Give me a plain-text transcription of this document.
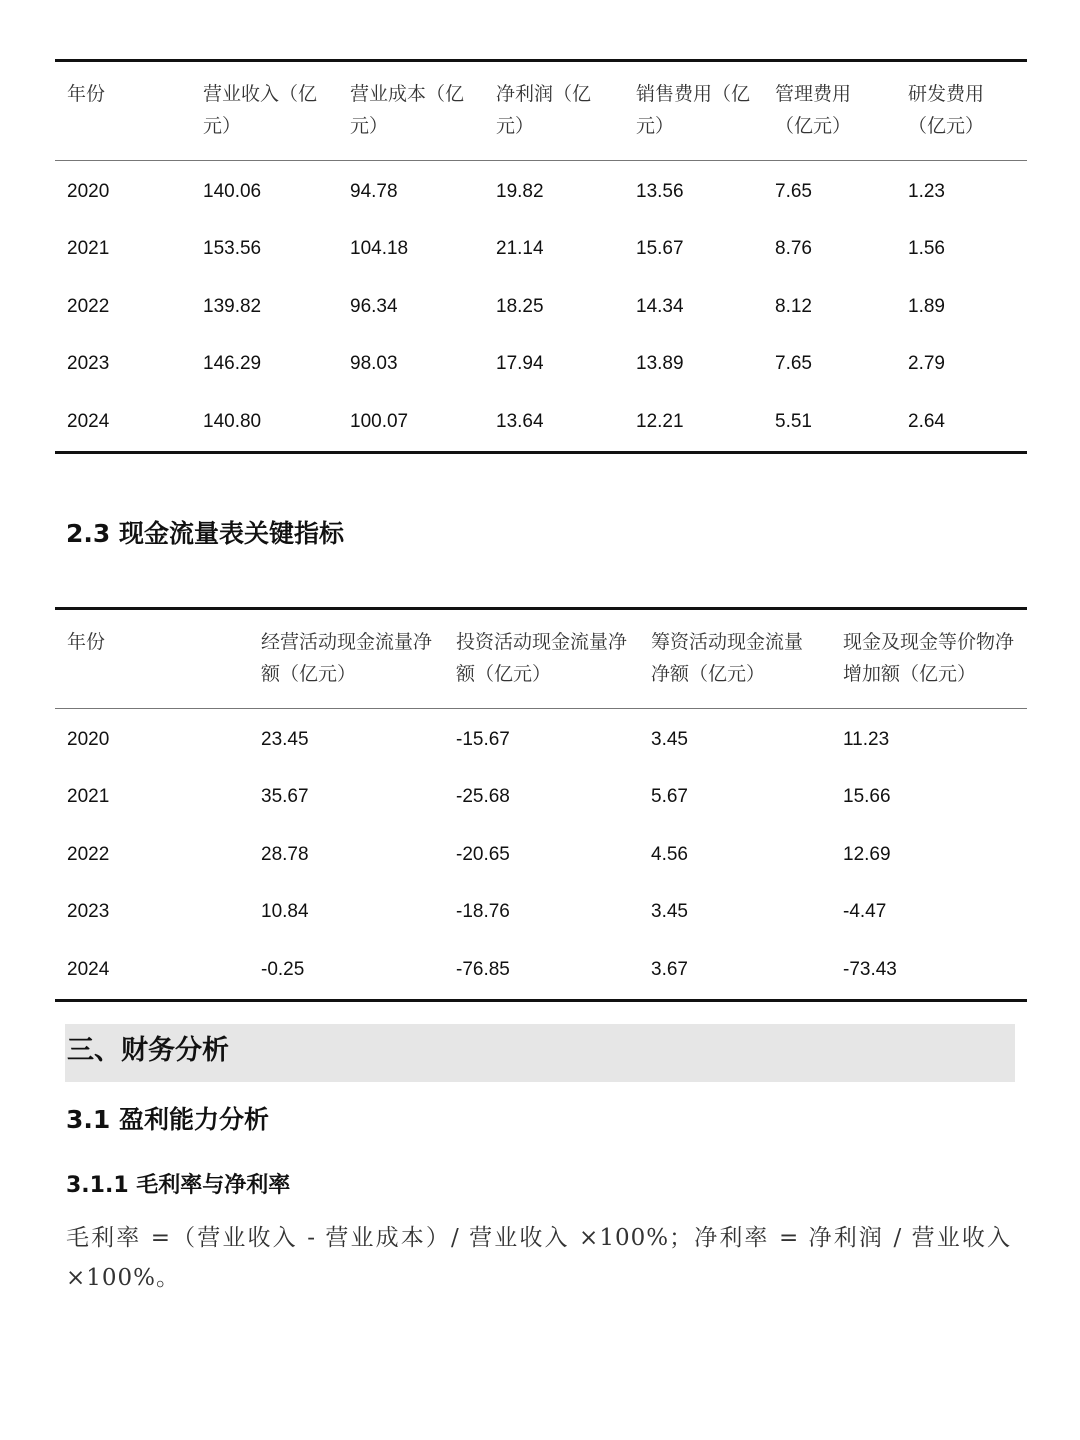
年份	营业收入（亿元）	营业成本（亿元）	净利润（亿元）	销售费用（亿元）	管理费用（亿元）	研发费用（亿元）
2020	140.06	94.78	19.82	13.56	7.65	1.23
2021	153.56	104.18	21.14	15.67	8.76	1.56
2022	139.82	96.34	18.25	14.34	8.12	1.89
2023	146.29	98.03	17.94	13.89	7.65	2.79
2024	140.80	100.07	13.64	12.21	5.51	2.64
2.3 现金流量表关键指标
年份	经营活动现金流量净额（亿元）	投资活动现金流量净额（亿元）	筹资活动现金流量净额（亿元）	现金及现金等价物净增加额（亿元）
2020	23.45	-15.67	3.45	11.23
2021	35.67	-25.68	5.67	15.66
2022	28.78	-20.65	4.56	12.69
2023	10.84	-18.76	3.45	-4.47
2024	-0.25	-76.85	3.67	-73.43
三、财务分析
3.1 盈利能力分析
3.1.1 毛利率与净利率

毛利率 =（营业收入 - 营业成本）/ 营业收入 ×100%；净利率 = 净利润 / 营业收入 ×100%。
